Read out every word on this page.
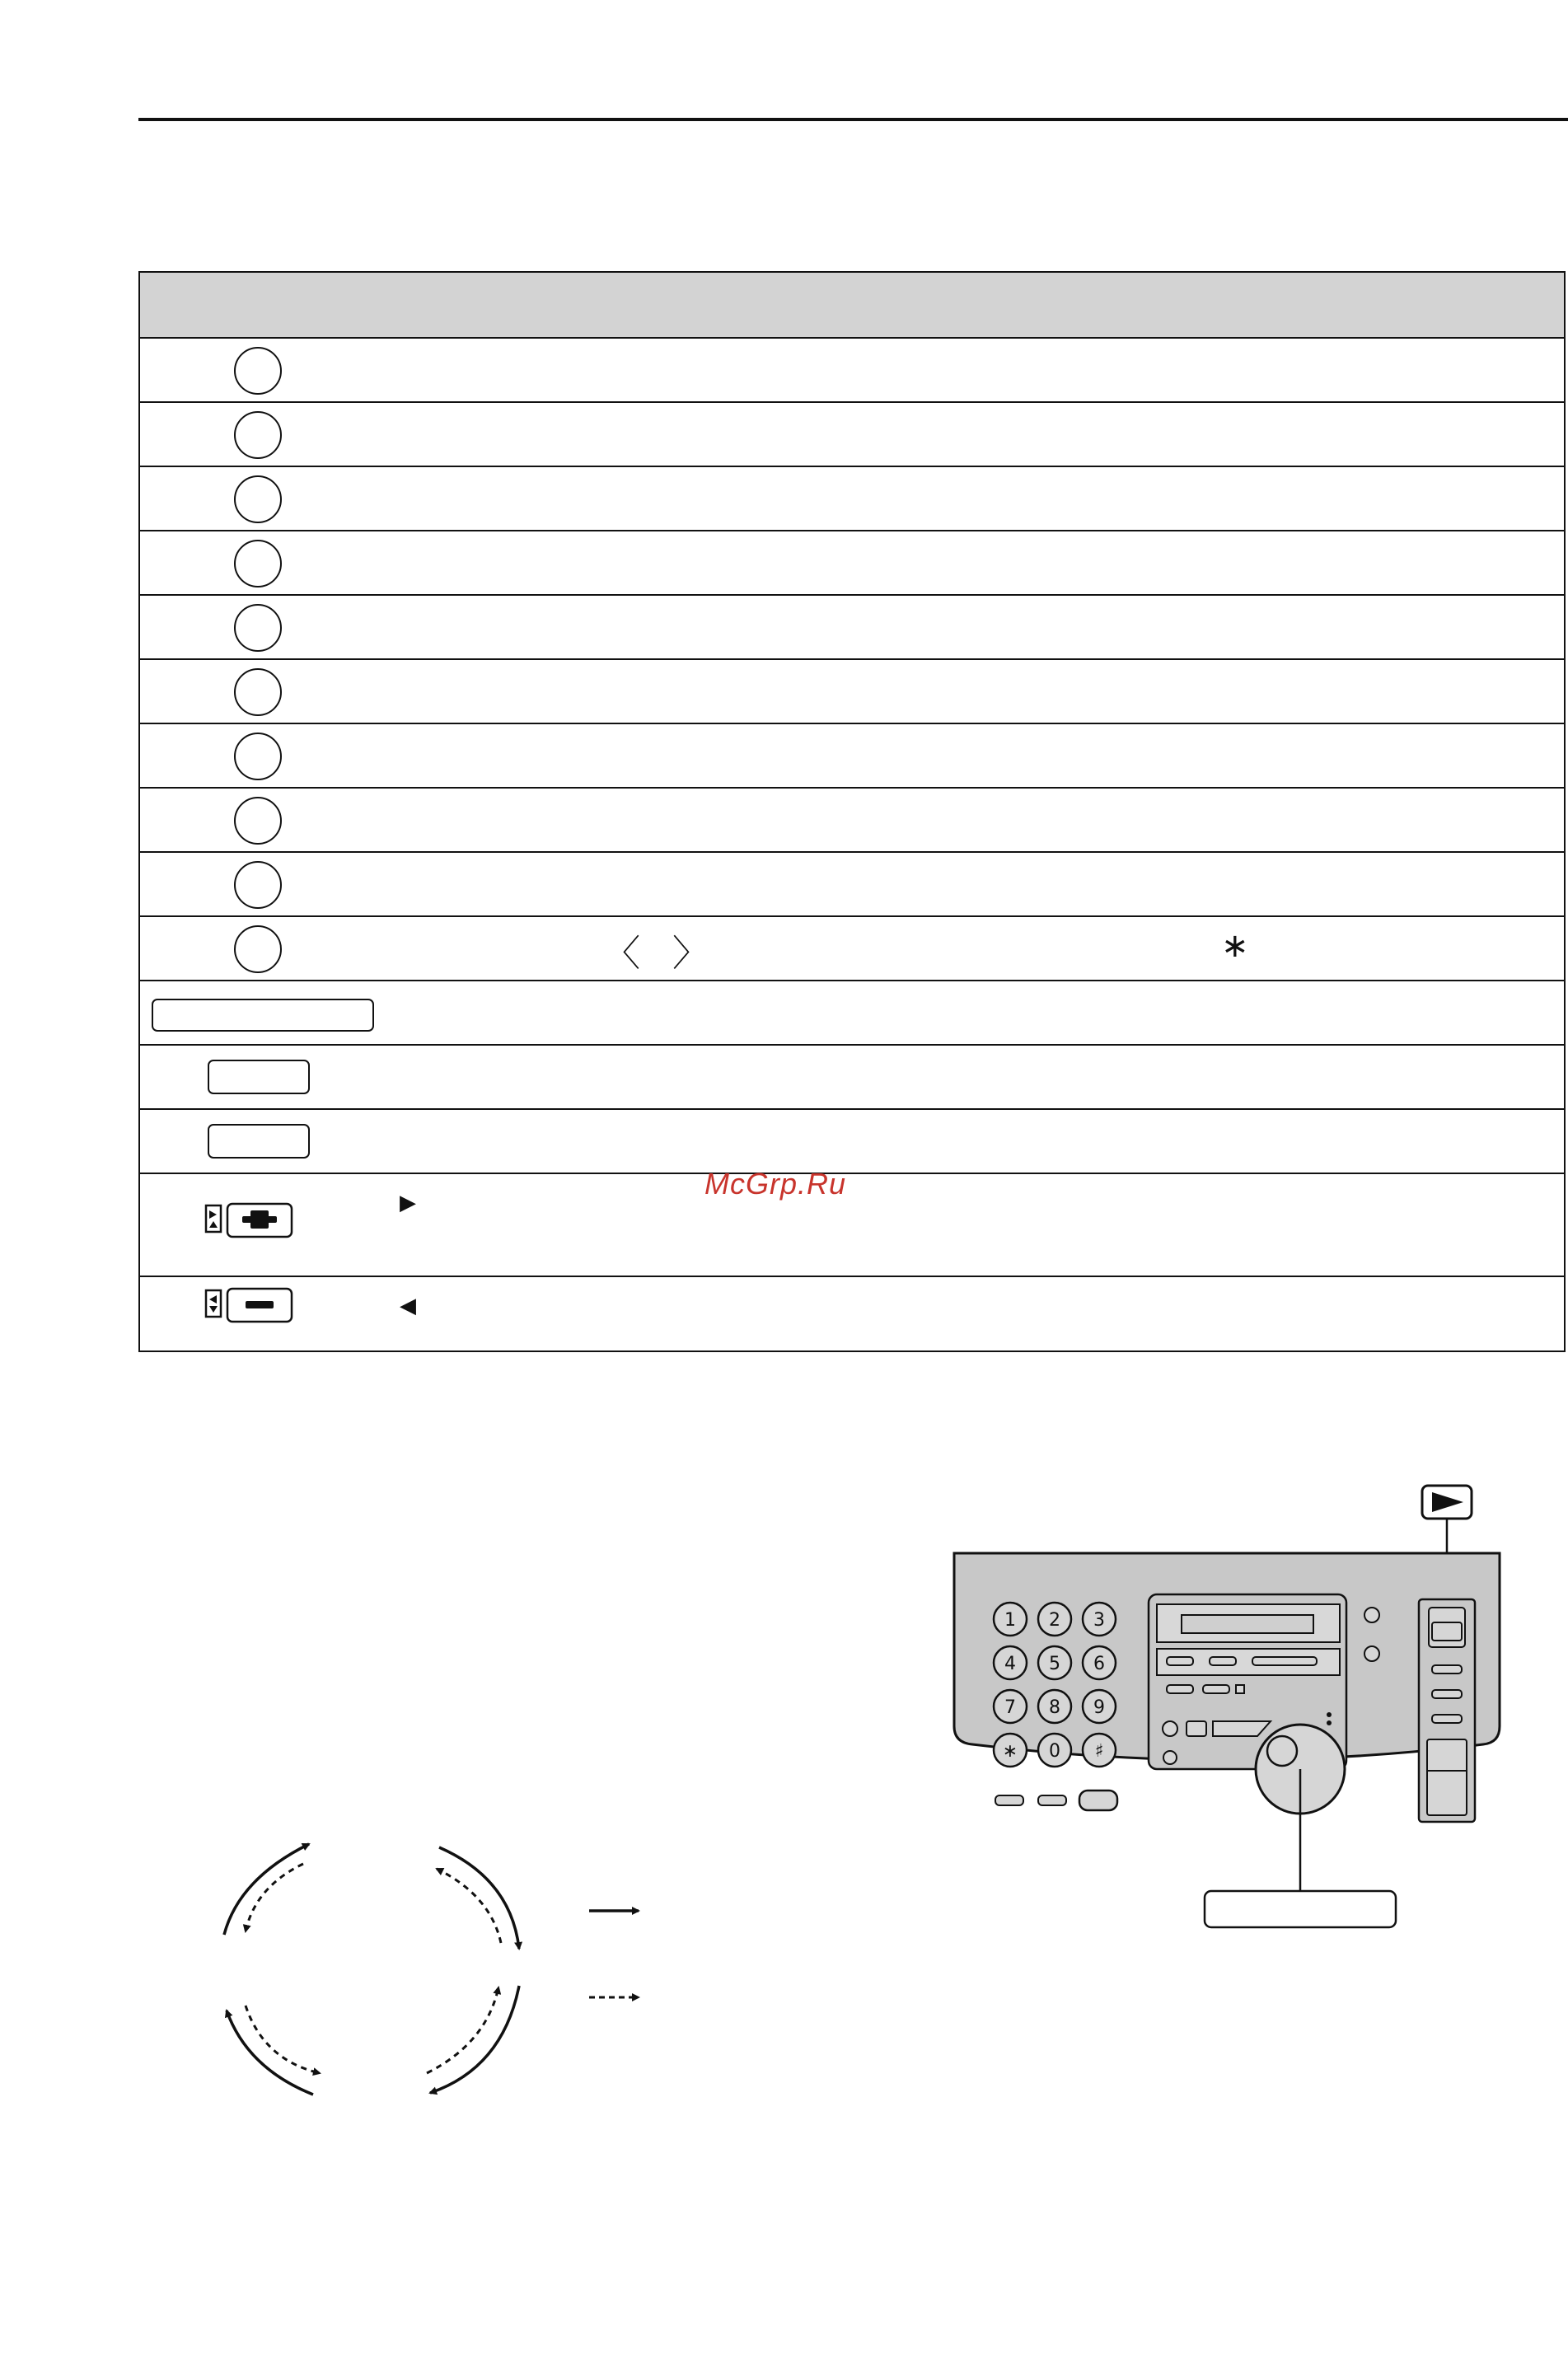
〈 〉	∗
▶
◀
McGrp.Ru
1 2 3
4 5 6
7 8 9
∗ 0 ♯
